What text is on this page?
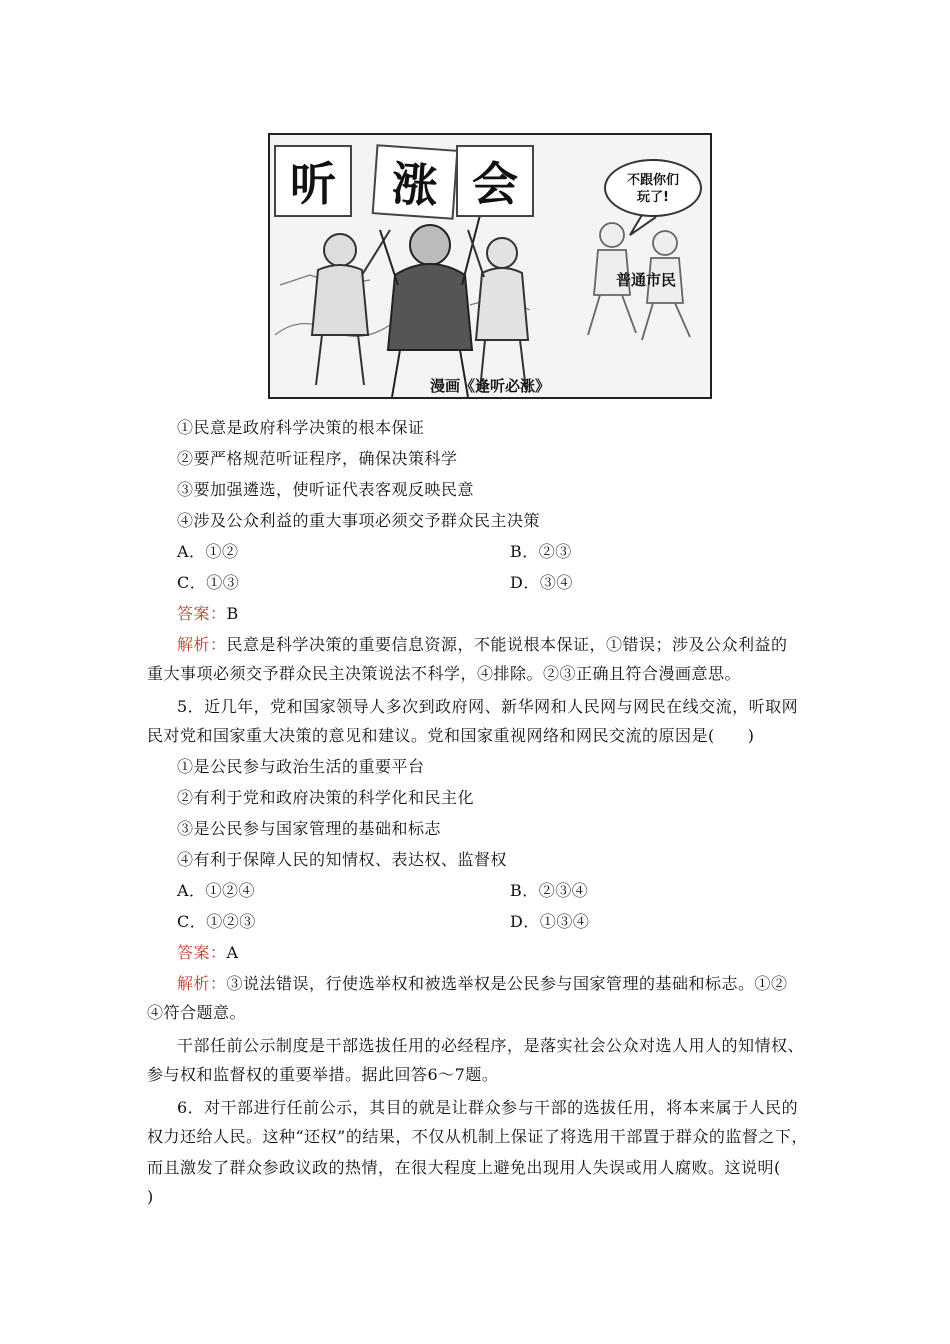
听 涨 会	不跟你们
玩了!
普通市民
漫画《逢听必涨》
①民意是政府科学决策的根本保证
②要严格规范听证程序，确保决策科学
③要加强遴选，使听证代表客观反映民意
④涉及公众利益的重大事项必须交予群众民主决策
A．①②	B．②③
C．①③	D．③④
答案：B
解析：民意是科学决策的重要信息资源，不能说根本保证，①错误；涉及公众利益的
重大事项必须交予群众民主决策说法不科学，④排除。②③正确且符合漫画意思。
5．近几年，党和国家领导人多次到政府网、新华网和人民网与网民在线交流，听取网
民对党和国家重大决策的意见和建议。党和国家重视网络和网民交流的原因是(　　)
①是公民参与政治生活的重要平台
②有利于党和政府决策的科学化和民主化
③是公民参与国家管理的基础和标志
④有利于保障人民的知情权、表达权、监督权
A．①②④	B．②③④
C．①②③	D．①③④
答案：A
解析：③说法错误，行使选举权和被选举权是公民参与国家管理的基础和标志。①②
④符合题意。
干部任前公示制度是干部选拔任用的必经程序，是落实社会公众对选人用人的知情权、
参与权和监督权的重要举措。据此回答6～7题。
6．对干部进行任前公示，其目的就是让群众参与干部的选拔任用，将本来属于人民的
权力还给人民。这种“还权”的结果，不仅从机制上保证了将选用干部置于群众的监督之下，
而且激发了群众参政议政的热情，在很大程度上避免出现用人失误或用人腐败。这说明(
)
